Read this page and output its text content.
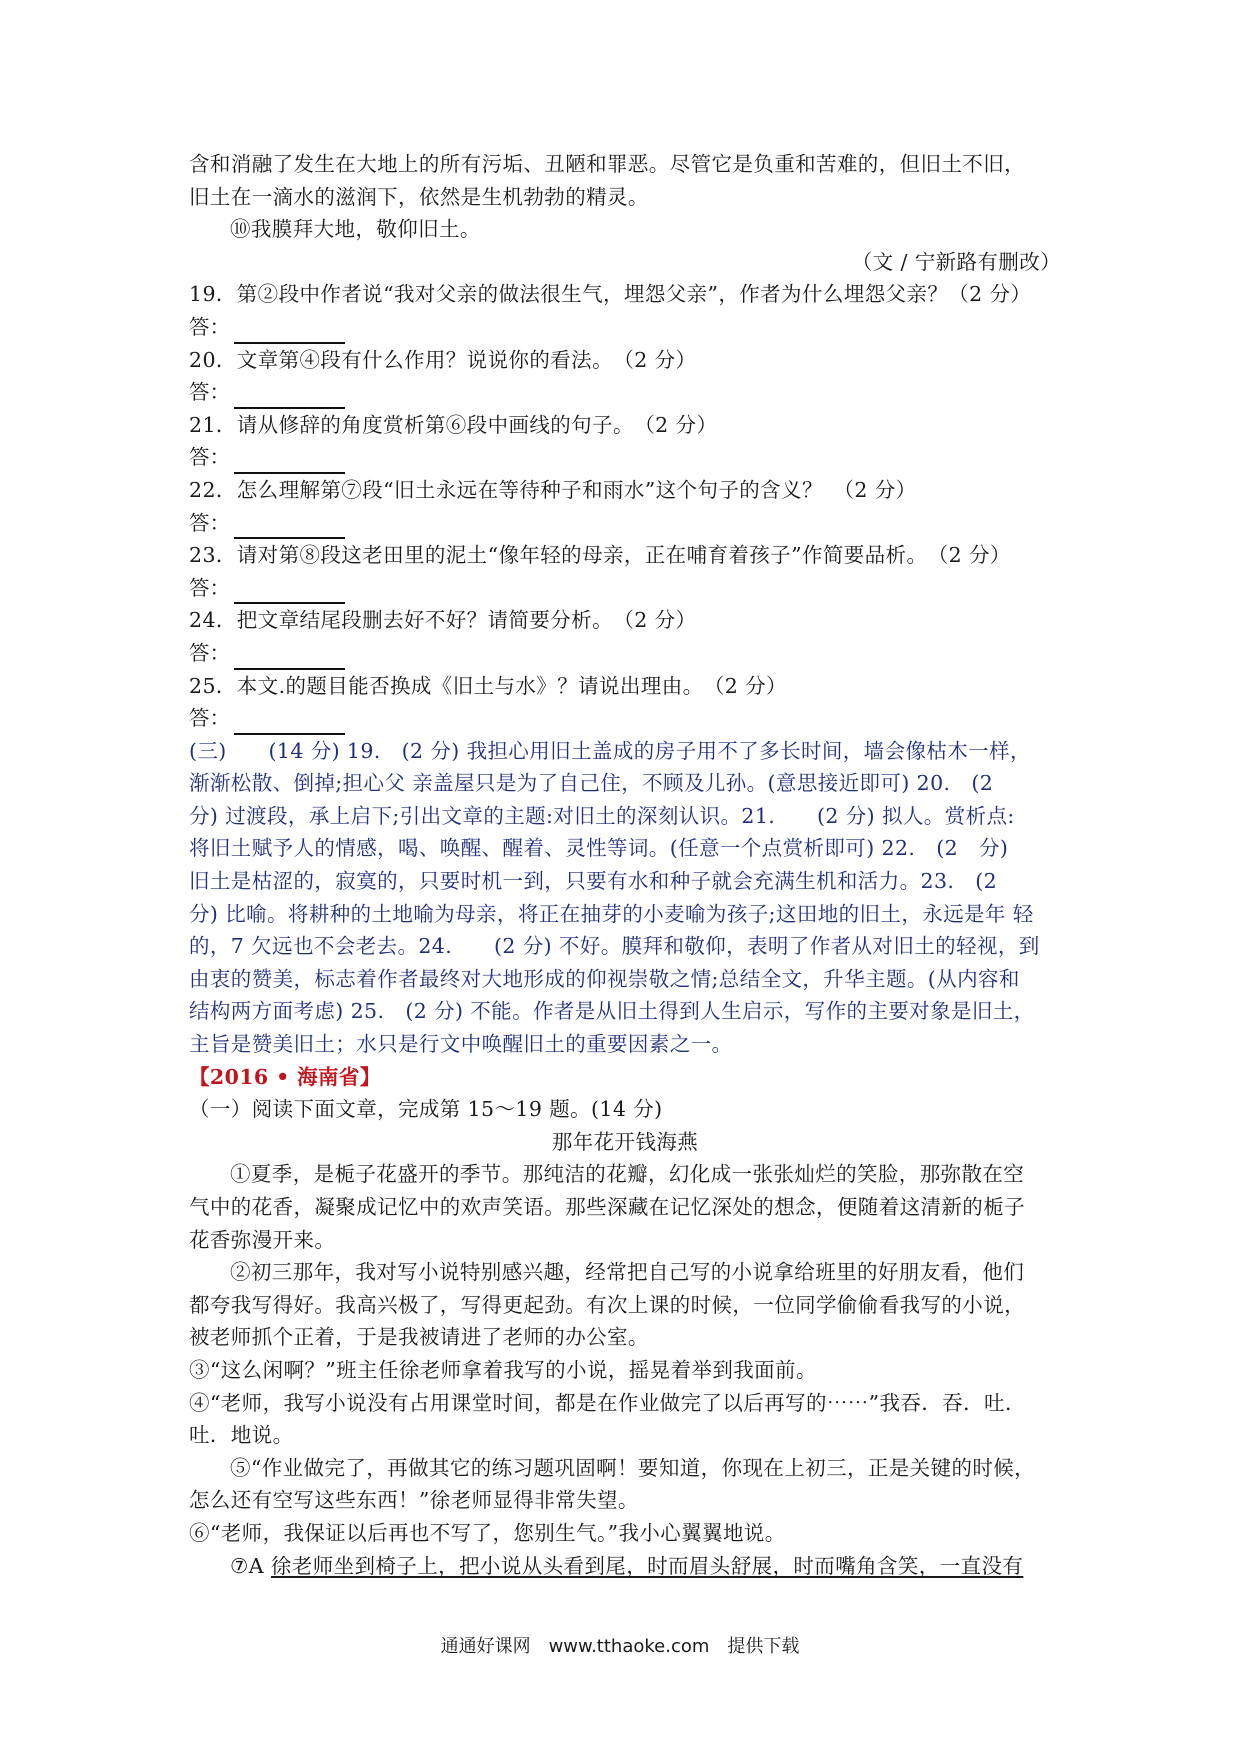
含和消融了发生在大地上的所有污垢、丑陋和罪恶。尽管它是负重和苦难的，但旧土不旧，
旧土在一滴水的滋润下，依然是生机勃勃的精灵。
⑩我膜拜大地，敬仰旧土。
（文 / 宁新路有删改）
19．第②段中作者说“我对父亲的做法很生气，埋怨父亲”，作者为什么埋怨父亲？（2 分）
答：
20．文章第④段有什么作用？说说你的看法。　（2 分）
答：
21．请从修辞的角度赏析第⑥段中画线的句子。　（2 分）
答：
22．怎么理解第⑦段“旧土永远在等待种子和雨水”这个句子的含义？　（2 分）
答：
23．请对第⑧段这老田里的泥土“像年轻的母亲，正在哺育着孩子”作简要品析。　（2 分）
答：
24．把文章结尾段删去好不好？请简要分析。　（2 分）
答：
25．本文.的题目能否换成《旧土与水》？请说出理由。　（2 分）
答：
(三)　　(14 分) 19.　(2 分) 我担心用旧土盖成的房子用不了多长时间，墙会像枯木一样，
渐渐松散、倒掉;担心父 亲盖屋只是为了自己住，不顾及儿孙。(意思接近即可) 20.　(2
分) 过渡段，承上启下;引出文章的主题:对旧土的深刻认识。21.　　(2 分) 拟人。赏析点:
将旧土赋予人的情感，喝、唤醒、醒着、灵性等词。(任意一个点赏析即可) 22.　(2　分)
旧土是枯涩的，寂寞的，只要时机一到，只要有水和种子就会充满生机和活力。23.　(2
分) 比喻。将耕种的土地喻为母亲，将正在抽芽的小麦喻为孩子;这田地的旧土，永远是年 轻
的，7 欠远也不会老去。24.　　(2 分) 不好。膜拜和敬仰，表明了作者从对旧土的轻视，到
由衷的赞美，标志着作者最终对大地形成的仰视崇敬之情;总结全文，升华主题。(从内容和
结构两方面考虑) 25.　(2 分) 不能。作者是从旧土得到人生启示，写作的主要对象是旧土，
主旨是赞美旧土；水只是行文中唤醒旧土的重要因素之一。
【2016 • 海南省】
（一）阅读下面文章，完成第 15～19 题。(14 分)
那年花开钱海燕
①夏季，是栀子花盛开的季节。那纯洁的花瓣，幻化成一张张灿烂的笑脸，那弥散在空
气中的花香，凝聚成记忆中的欢声笑语。那些深藏在记忆深处的想念，便随着这清新的栀子
花香弥漫开来。
②初三那年，我对写小说特别感兴趣，经常把自己写的小说拿给班里的好朋友看，他们
都夸我写得好。我高兴极了，写得更起劲。有次上课的时候，一位同学偷偷看我写的小说，
被老师抓个正着，于是我被请进了老师的办公室。
③“这么闲啊？”班主任徐老师拿着我写的小说，摇晃着举到我面前。
④“老师，我写小说没有占用课堂时间，都是在作业做完了以后再写的⋯⋯”我吞．吞．吐．
吐．地说。
⑤“作业做完了，再做其它的练习题巩固啊！要知道，你现在上初三，正是关键的时候，
怎么还有空写这些东西！”徐老师显得非常失望。
⑥“老师，我保证以后再也不写了，您别生气。”我小心翼翼地说。
⑦A 徐老师坐到椅子上，把小说从头看到尾，时而眉头舒展，时而嘴角含笑，一直没有
通通好课网　www.tthaoke.com　提供下载
